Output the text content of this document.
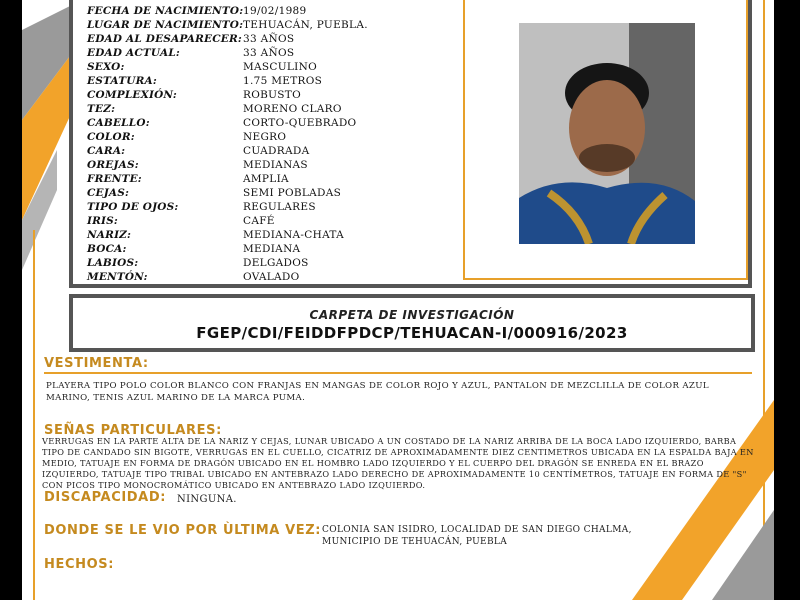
FECHA DE NACIMIENTO: 19/02/1989
LUGAR DE NACIMIENTO: TEHUACÁN, PUEBLA.
EDAD AL DESAPARECER: 33 AÑOS
EDAD ACTUAL:	33 AÑOS
SEXO:	MASCULINO
ESTATURA:	1.75 METROS
COMPLEXIÓN:	ROBUSTO
TEZ:	MORENO CLARO
CABELLO:	CORTO-QUEBRADO
COLOR:	NEGRO
CARA:	CUADRADA
OREJAS:	MEDIANAS
FRENTE:	AMPLIA
CEJAS:	SEMI POBLADAS
TIPO DE OJOS:	REGULARES
IRIS:	CAFÉ
NARIZ:	MEDIANA-CHATA
BOCA:	MEDIANA
LABIOS:	DELGADOS
MENTÓN:	OVALADO
CARPETA DE INVESTIGACIÓN
FGEP/CDI/FEIDDFPDCP/TEHUACAN-I/000916/2023
VESTIMENTA:
PLAYERA TIPO POLO COLOR BLANCO CON FRANJAS EN MANGAS DE COLOR ROJO Y AZUL, PANTALON DE MEZCLILLA DE COLOR AZUL MARINO, TENIS AZUL MARINO DE LA MARCA PUMA.
SEÑAS PARTICULARES:
VERRUGAS EN LA PARTE ALTA DE LA NARIZ Y CEJAS, LUNAR UBICADO A UN COSTADO DE LA NARIZ ARRIBA DE LA BOCA LADO IZQUIERDO, BARBA TIPO DE CANDADO SIN BIGOTE, VERRUGAS EN EL CUELLO, CICATRIZ DE APROXIMADAMENTE DIEZ CENTIMETROS UBICADA EN LA ESPALDA BAJA EN MEDIO, TATUAJE EN FORMA DE DRAGÓN UBICADO EN EL HOMBRO LADO IZQUIERDO Y EL CUERPO DEL DRAGÓN SE ENREDA EN EL BRAZO IZQUIERDO, TATUAJE TIPO TRIBAL UBICADO EN ANTEBRAZO LADO DERECHO DE APROXIMADAMENTE 10 CENTÍMETROS, TATUAJE EN FORMA DE "S" CON PICOS TIPO MONOCROMÁTICO UBICADO EN ANTEBRAZO LADO IZQUIERDO.
DISCAPACIDAD: NINGUNA.
DONDE SE LE VIO POR ÙLTIMA VEZ: COLONIA SAN ISIDRO, LOCALIDAD DE SAN DIEGO CHALMA,
MUNICIPIO DE TEHUACÁN, PUEBLA
HECHOS:
